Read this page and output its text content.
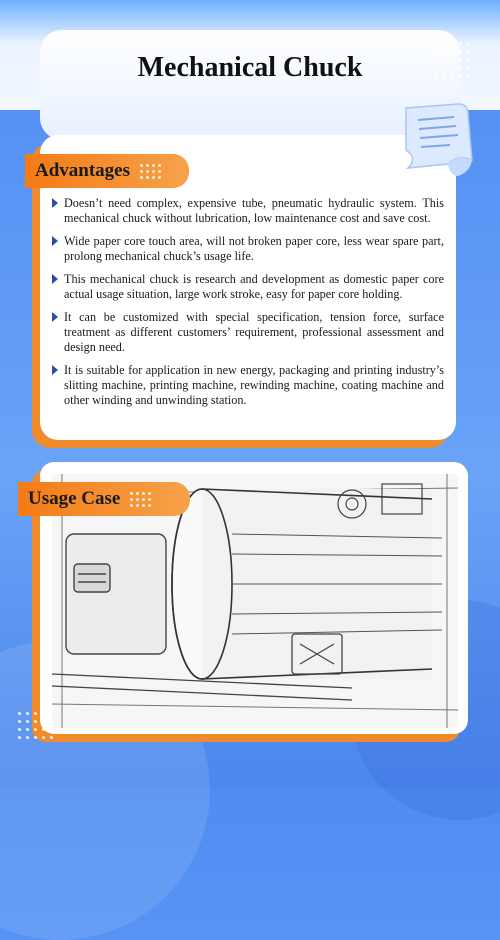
Mechanical Chuck
Advantages
Doesn’t need complex, expensive tube, pneumatic hydraulic system. This mechanical chuck without lubrication, low maintenance cost and save cost.
Wide paper core touch area, will not broken paper core, less wear spare part, prolong mechanical chuck’s usage life.
This mechanical chuck is research and development as domestic paper core actual usage situation, large work stroke, easy for paper core holding.
It can be customized with special specification, tension force, surface treatment as different customers’ requirement, professional assessment and design need.
It is suitable for application in new energy, packaging and printing industry’s slitting machine, printing machine, rewinding machine, coating machine and other winding and unwinding station.
Usage Case
